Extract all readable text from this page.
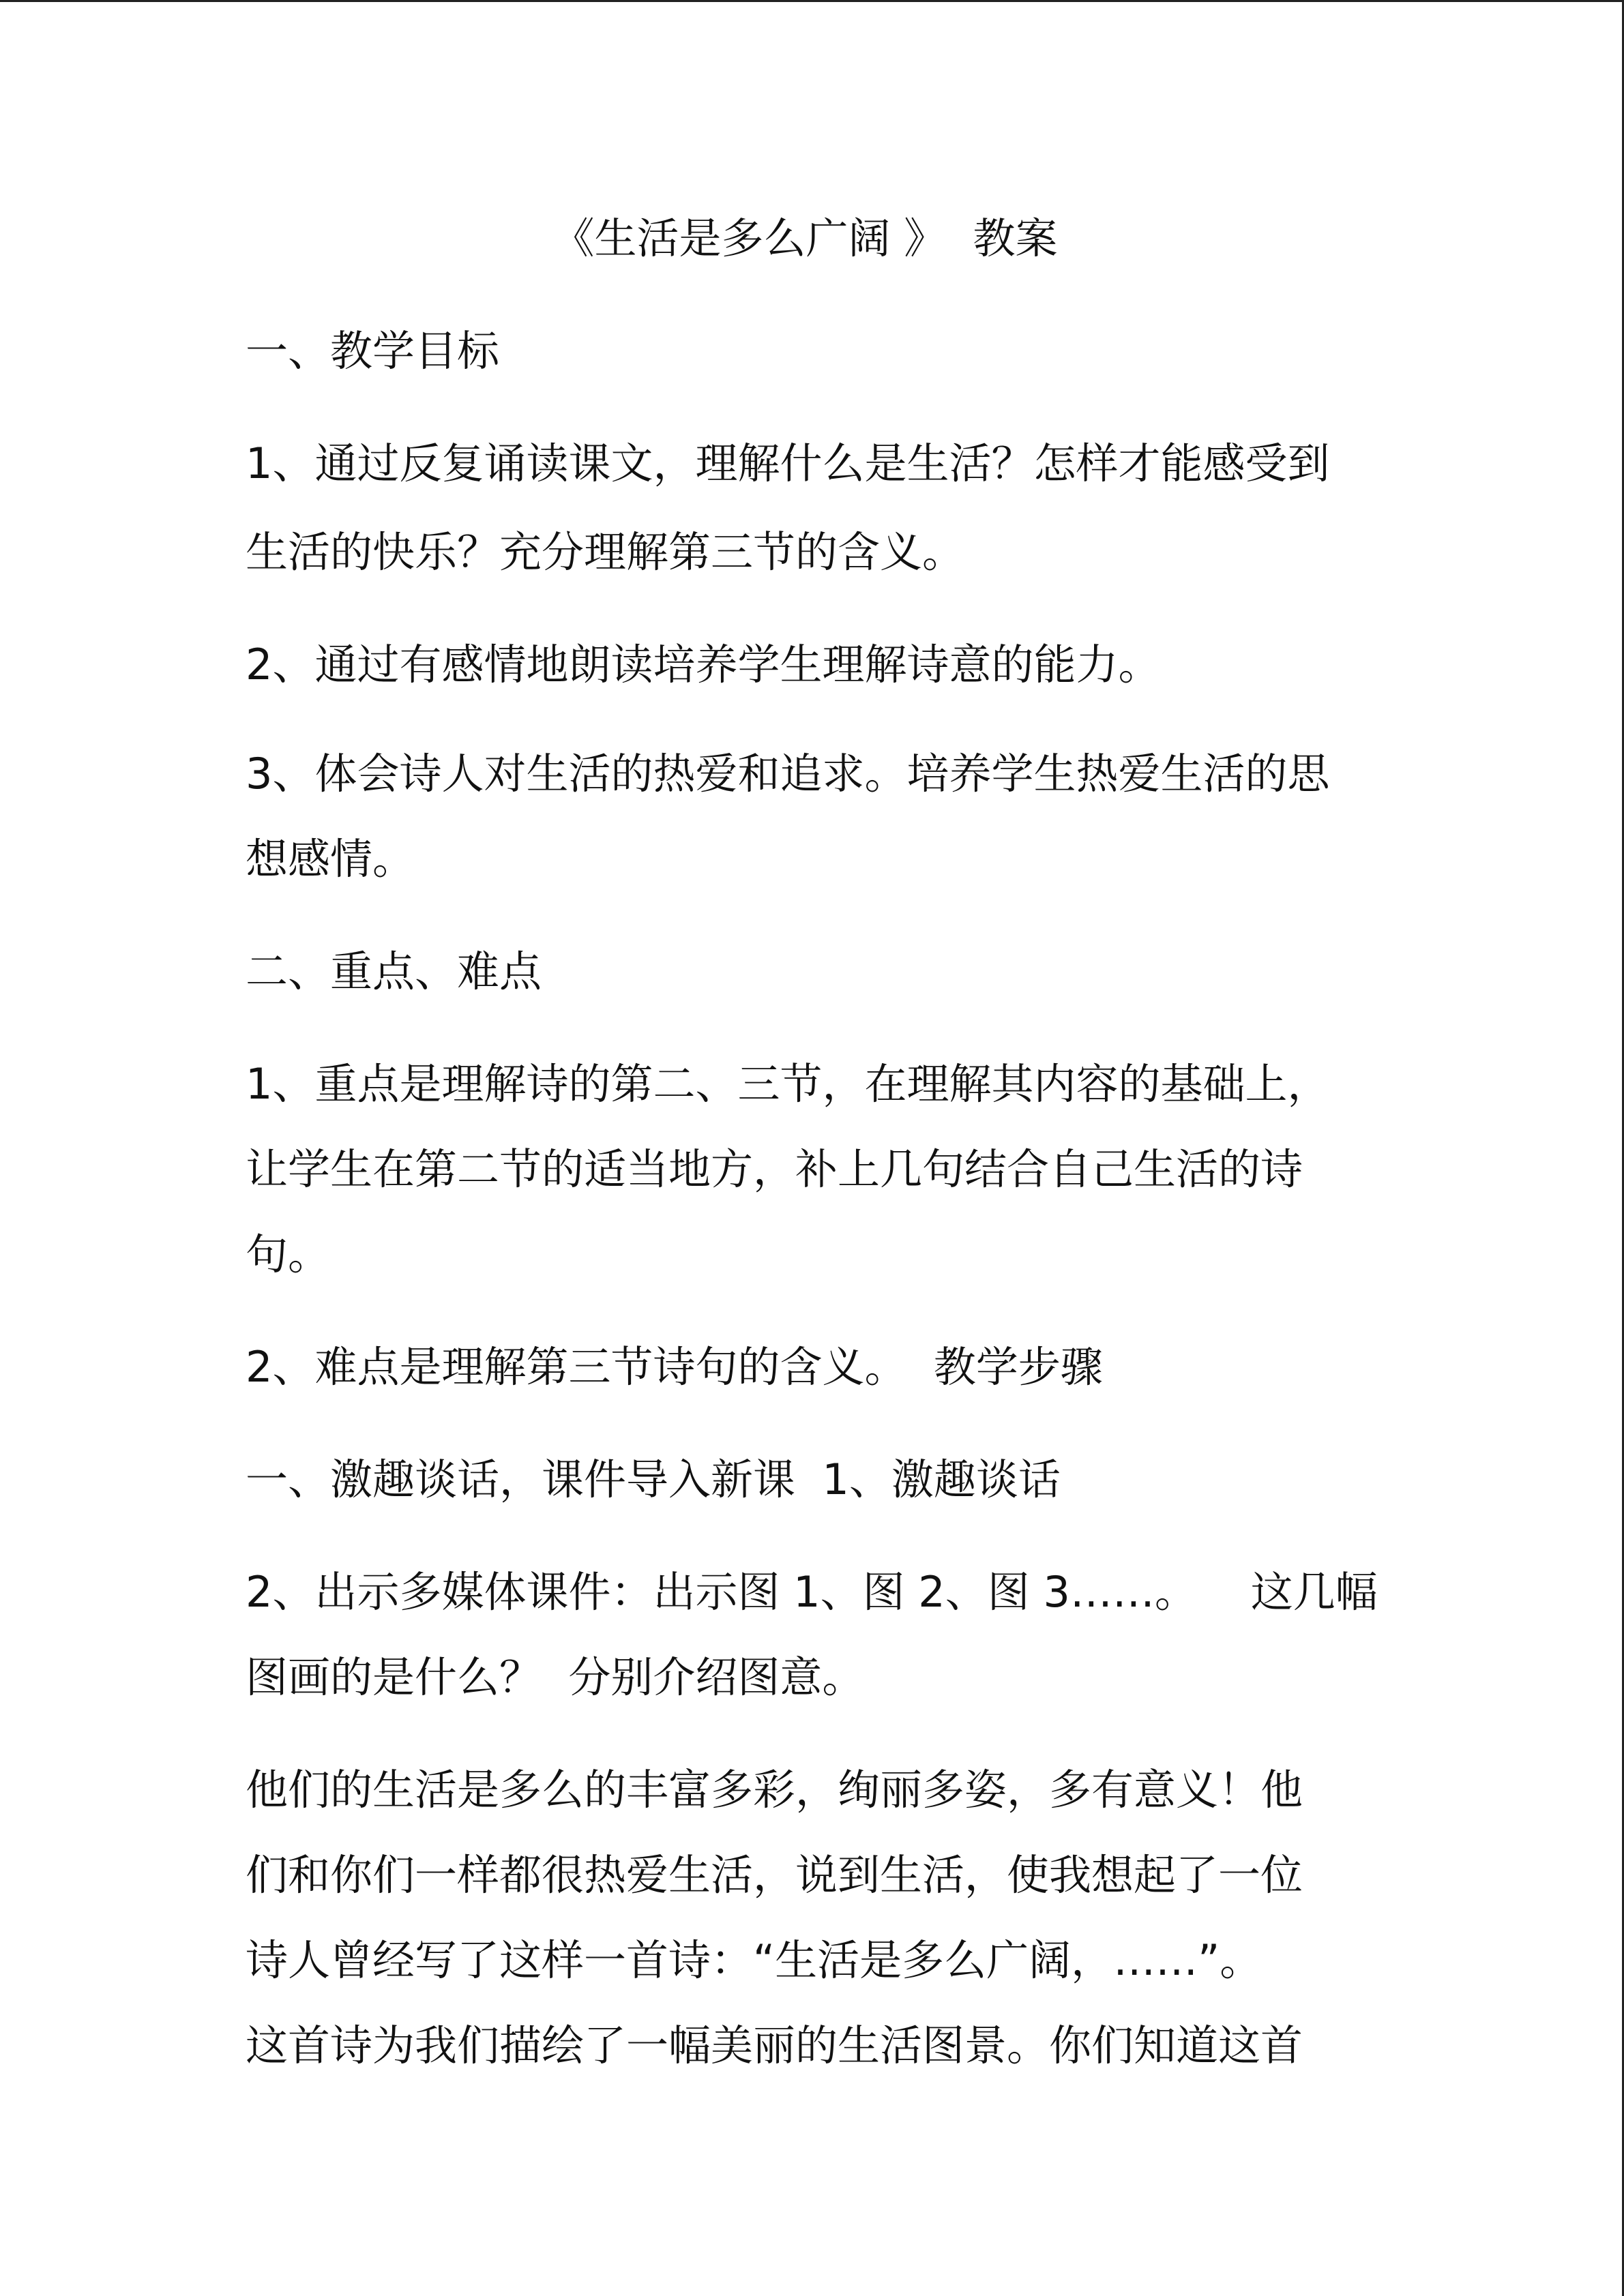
《生活是多么广阔 》  教案
一、教学目标
1、通过反复诵读课文，理解什么是生活？怎样才能感受到
生活的快乐？充分理解第三节的含义。
2、通过有感情地朗读培养学生理解诗意的能力。
3、体会诗人对生活的热爱和追求。培养学生热爱生活的思
想感情。
二、重点、难点
1、重点是理解诗的第二、三节，在理解其内容的基础上，
让学生在第二节的适当地方，补上几句结合自己生活的诗
句。
2、难点是理解第三节诗句的含义。  教学步骤
一、激趣谈话，课件导入新课  1、激趣谈话
2、出示多媒体课件：出示图 1、图 2、图 3……。    这几幅
图画的是什么？  分别介绍图意。
他们的生活是多么的丰富多彩，绚丽多姿，多有意义！他
们和你们一样都很热爱生活，说到生活，使我想起了一位
诗人曾经写了这样一首诗：“生活是多么广阔，……”。
这首诗为我们描绘了一幅美丽的生活图景。你们知道这首
